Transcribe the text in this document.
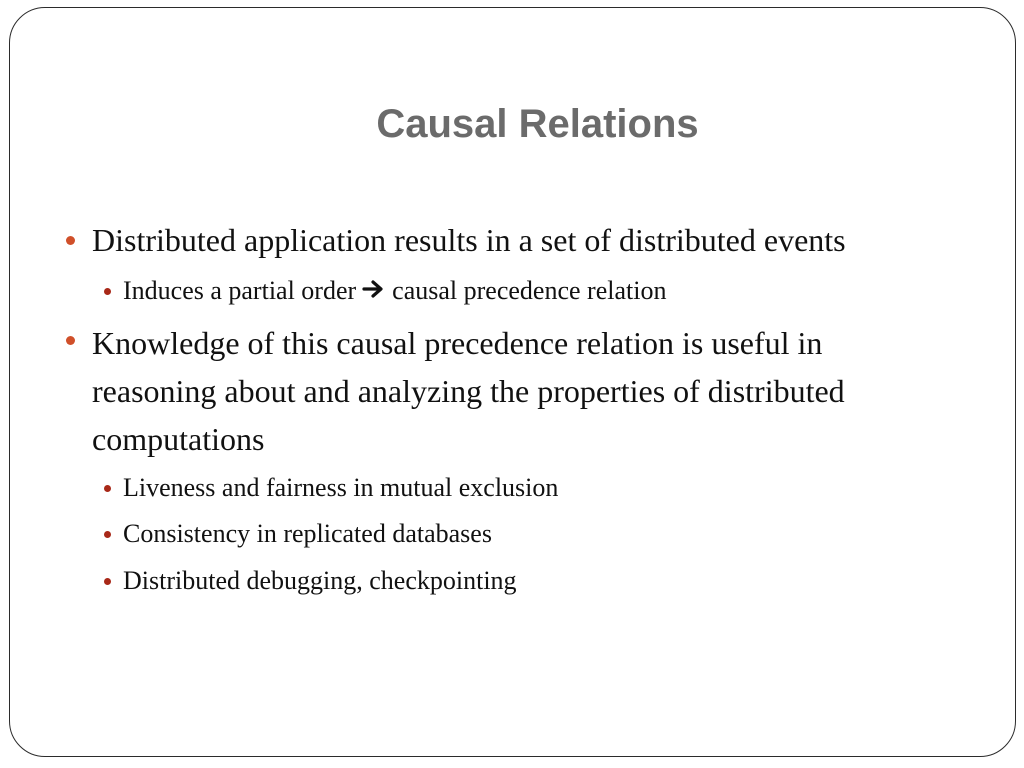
Causal Relations
Distributed application results in a set of distributed events
Induces a partial order causal precedence relation
Knowledge of this causal precedence relation is useful in
reasoning about and analyzing the properties of distributed
computations
Liveness and fairness in mutual exclusion
Consistency in replicated databases
Distributed debugging, checkpointing
